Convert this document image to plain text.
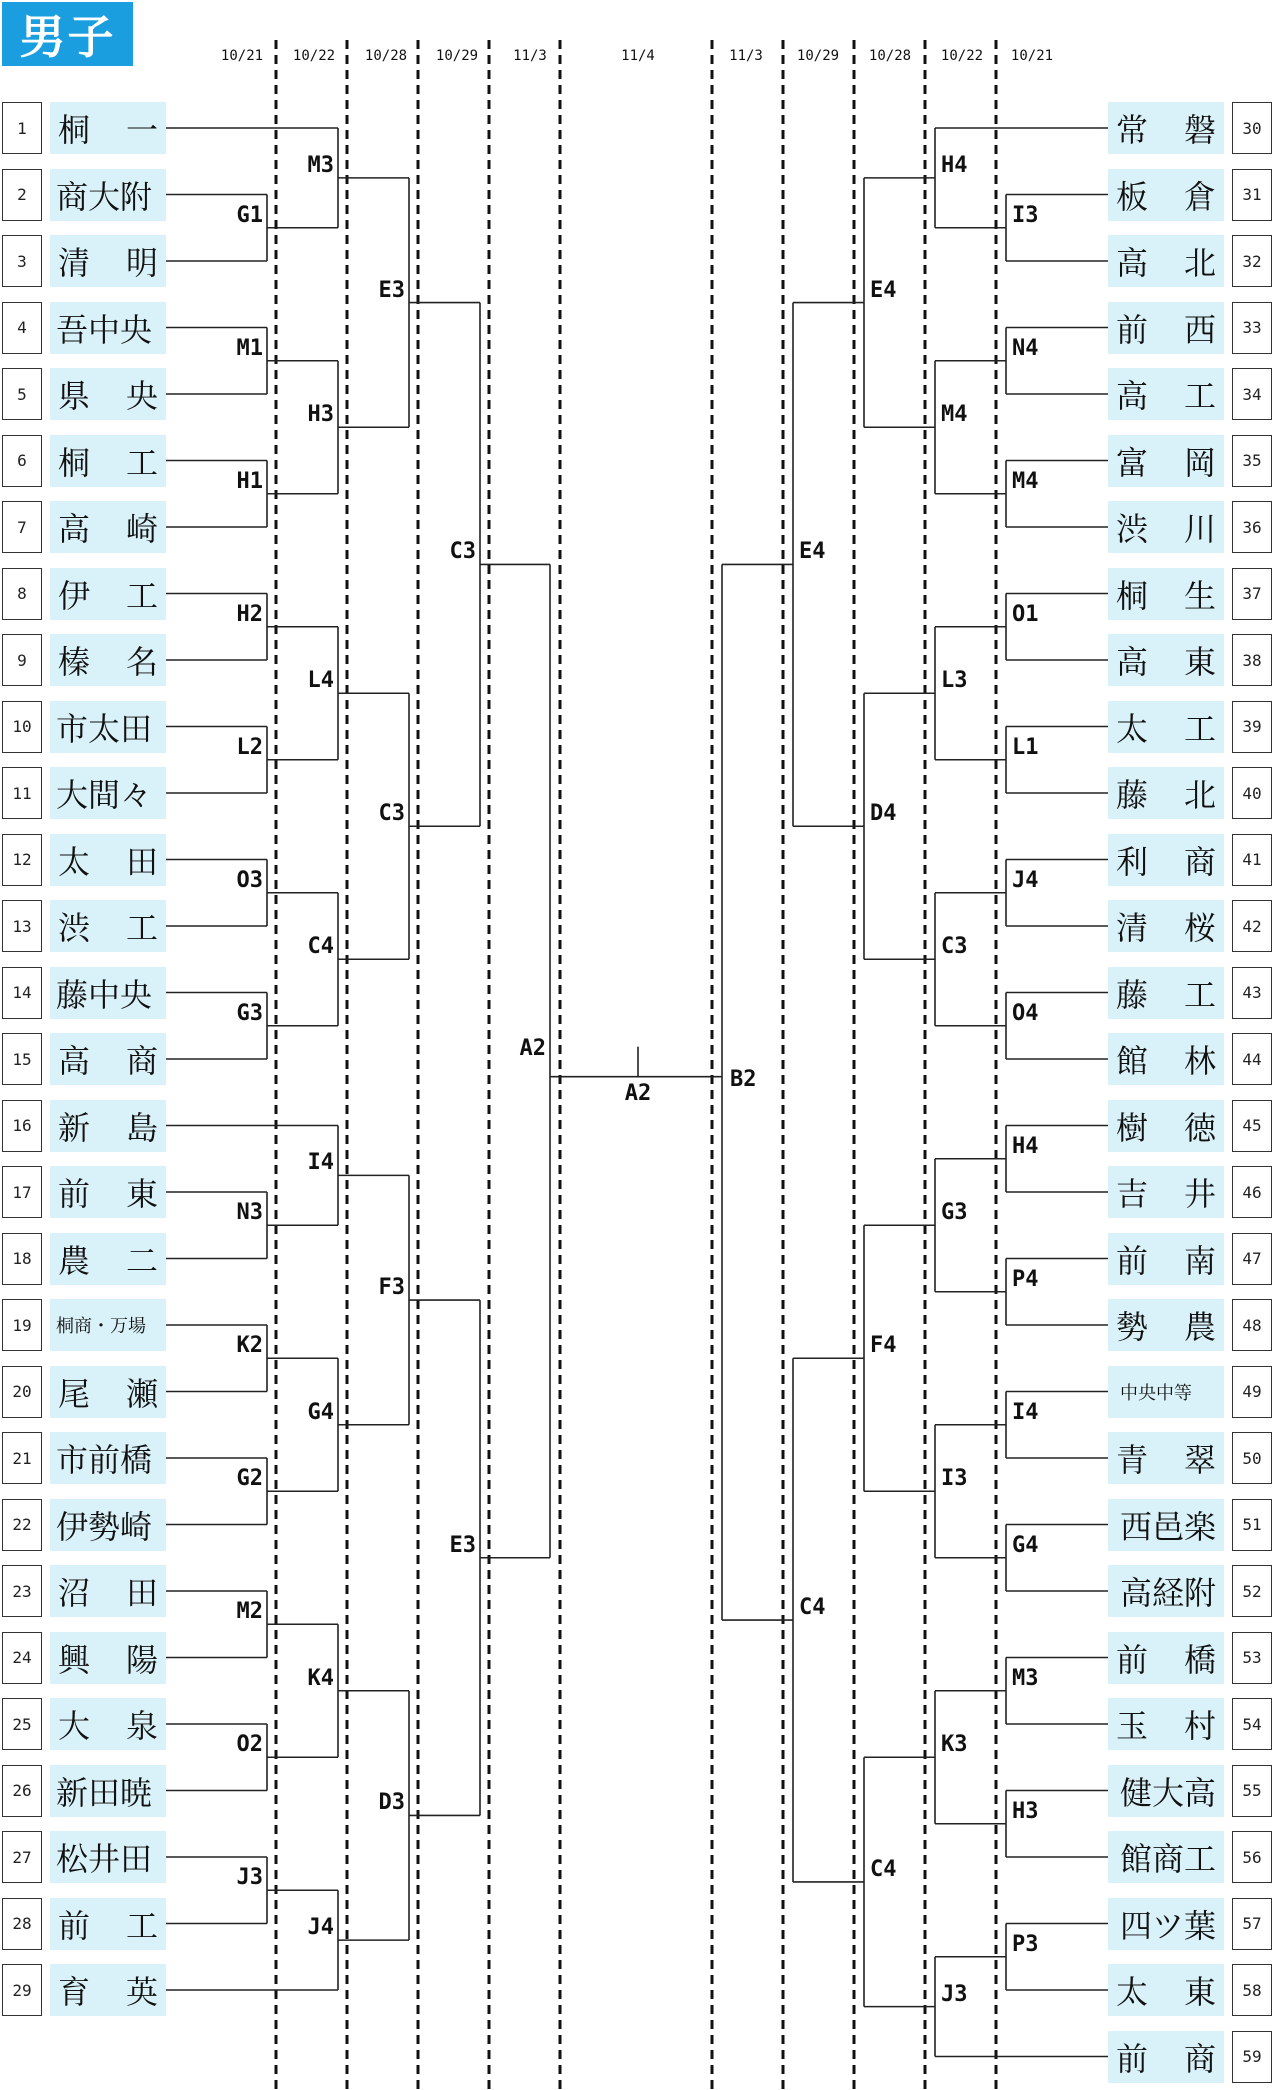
男子	10/21 10/22 10/28 10/29	11/3	11/4	11/3 10/29 10/28 10/22 10/21
1 桐 一
2 商大附
3 清 明
4 吾中央
5 県 央
6 桐 工
7 高 崎
8 伊 工
9 榛 名
10 市太田
11 大間々
12 太 田
13 渋 工
14 藤中央
15 高 商
16 新 島
17 前 東
18 農 二
19	桐商・万場
20 尾 瀬
21 市前橋
22 伊勢崎
23 沼 田
24 興 陽
25 大 泉
26 新田暁
27 松井田
28 前 工
29 育 英
常 磐	30
板 倉	31
高 北	32
前 西	33
高 工	34
富 岡	35
渋 川	36
桐 生	37
高 東	38
太 工	39
藤 北	40
利 商	41
清 桜	42
藤 工	43
館 林	44
樹 徳	45
吉 井	46
前 南	47
勢 農	48
中央中等	49
青 翠	50
西邑楽	51
高経附	52
前 橋	53
玉 村	54
健大高	55
館商工	56
四ツ葉	57
太 東	58
前 商	59
G1
M1
H1
H2
L2
O3
G3
N3
K2
G2
M2
O2
J3
M3
H3
L4
C4
I4
G4
K4
J4
E3
C3
F3
D3
C3
E3
A2
I3
N4
M4
O1
L1
J4
O4
H4
P4
I4
G4
M3
H3
P3
H4
M4
L3
C3
G3
I3
K3
J3
E4
D4
F4
C4
E4
C4
B2
A2
